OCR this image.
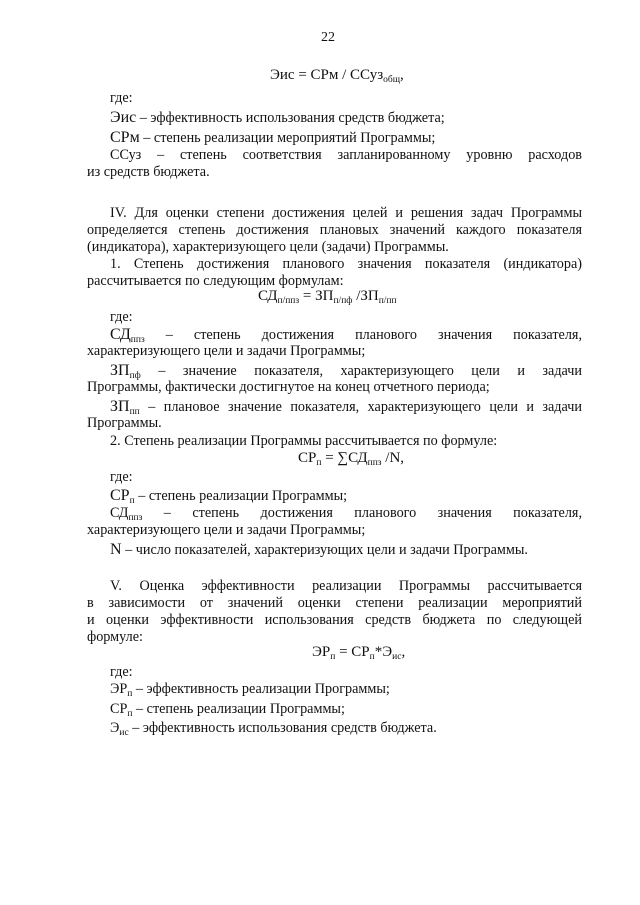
22
Эис = СРм / ССуз$_{общ}$,
где:
Эис – эффективность использования средств бюджета;
СРм – степень реализации мероприятий Программы;
ССуз – степень соответствия запланированному уровню расходов
из средств бюджета.
IV. Для оценки степени достижения целей и решения задач Программы
определяется степень достижения плановых значений каждого показателя
(индикатора), характеризующего цели (задачи) Программы.
1. Степень достижения планового значения показателя (индикатора)
рассчитывается по следующим формулам:
$СД_{п/ппз} = ЗП_{п/пф}$ $/ЗП_{п/пп}$
где:
$СД_{ппз}$ – степень достижения планового значения показателя,
характеризующего цели и задачи Программы;
$ЗП_{пф}$ – значение показателя, характеризующего цели и задачи
Программы, фактически достигнутое на конец отчетного периода;
$ЗП_{пп}$ – плановое значение показателя, характеризующего цели и задачи
Программы.
2. Степень реализации Программы рассчитывается по формуле:
$СР_п = \sum СД_{ппз}$ /N,
где:
$СР_п$ – степень реализации Программы;
$СД_{ппз}$ – степень достижения планового значения показателя,
характеризующего цели и задачи Программы;
N – число показателей, характеризующих цели и задачи Программы.
V. Оценка эффективности реализации Программы рассчитывается
в зависимости от значений оценки степени реализации мероприятий
и оценки эффективности использования средств бюджета по следующей
формуле:
$ЭР_п = СР_п*Э_{ис}$,
где:
$ЭР_п$ – эффективность реализации Программы;
$СР_п$ – степень реализации Программы;
$Э_{ис}$ – эффективность использования средств бюджета.
